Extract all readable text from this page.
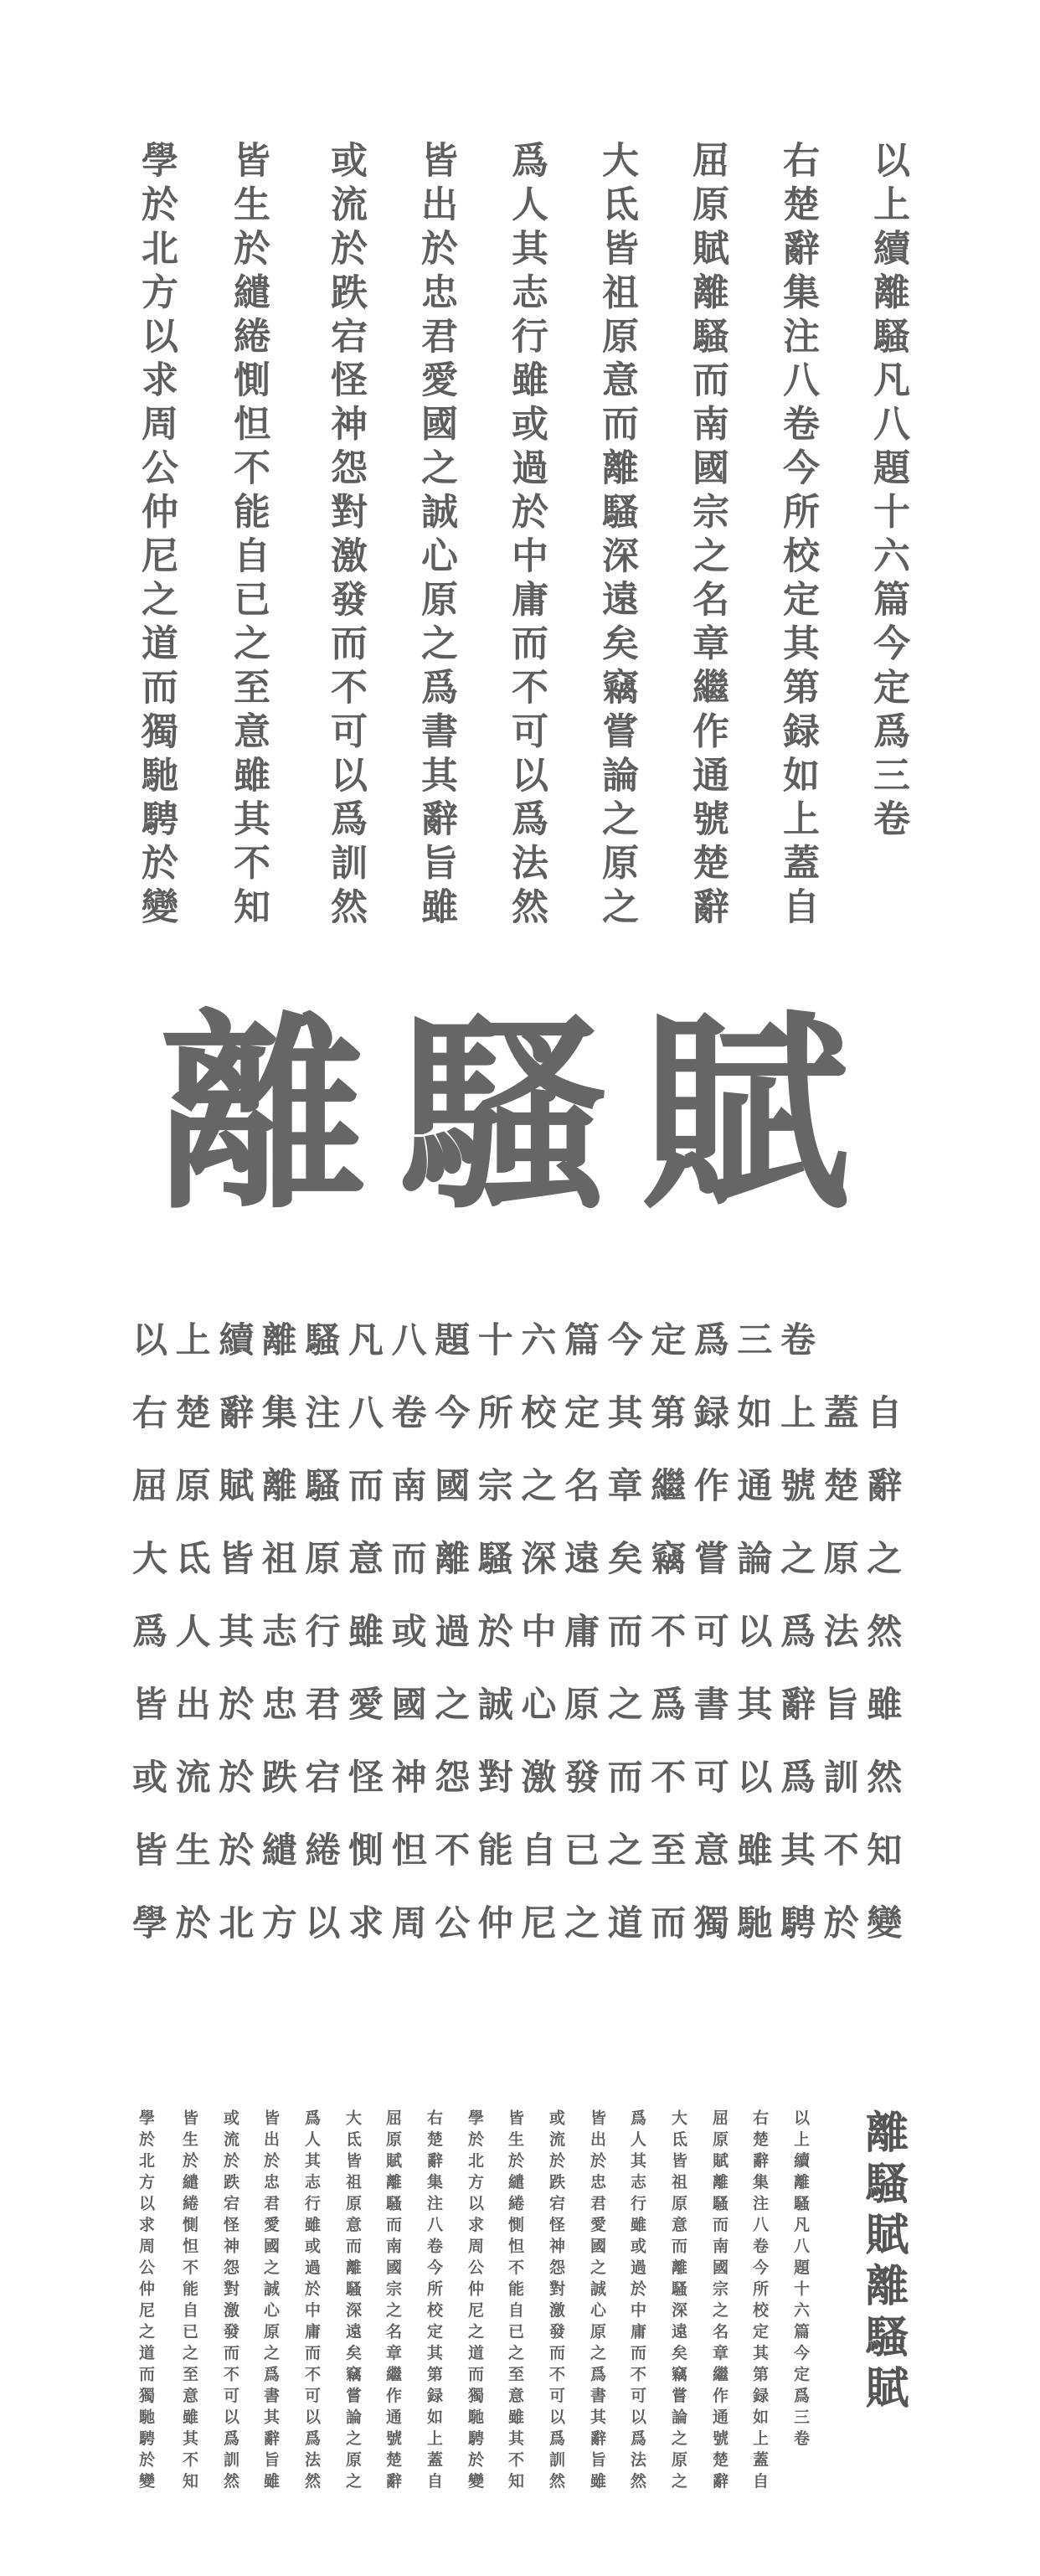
以上續離騷凡八題十六篇今定爲三卷
右楚辭集注八卷今所校定其第録如上蓋自
屈原賦離騷而南國宗之名章繼作通號楚辭
大氐皆祖原意而離騷深遠矣竊嘗論之原之
爲人其志行雖或過於中庸而不可以爲法然
皆出於忠君愛國之誠心原之爲書其辭旨雖
或流於跌宕怪神怨對激發而不可以爲訓然
皆生於繾綣惻怛不能自已之至意雖其不知
學於北方以求周公仲尼之道而獨馳騁於變
離騷賦
以上續離騷凡八題十六篇今定爲三卷
右楚辭集注八卷今所校定其第録如上蓋自
屈原賦離騷而南國宗之名章繼作通號楚辭
大氐皆祖原意而離騷深遠矣竊嘗論之原之
爲人其志行雖或過於中庸而不可以爲法然
皆出於忠君愛國之誠心原之爲書其辭旨雖
或流於跌宕怪神怨對激發而不可以爲訓然
皆生於繾綣惻怛不能自已之至意雖其不知
學於北方以求周公仲尼之道而獨馳騁於變
以上續離騷凡八題十六篇今定爲三卷
右楚辭集注八卷今所校定其第録如上蓋自
屈原賦離騷而南國宗之名章繼作通號楚辭
大氐皆祖原意而離騷深遠矣竊嘗論之原之
爲人其志行雖或過於中庸而不可以爲法然
皆出於忠君愛國之誠心原之爲書其辭旨雖
或流於跌宕怪神怨對激發而不可以爲訓然
皆生於繾綣惻怛不能自已之至意雖其不知
學於北方以求周公仲尼之道而獨馳騁於變
右楚辭集注八卷今所校定其第録如上蓋自
屈原賦離騷而南國宗之名章繼作通號楚辭
大氐皆祖原意而離騷深遠矣竊嘗論之原之
爲人其志行雖或過於中庸而不可以爲法然
皆出於忠君愛國之誠心原之爲書其辭旨雖
或流於跌宕怪神怨對激發而不可以爲訓然
皆生於繾綣惻怛不能自已之至意雖其不知
學於北方以求周公仲尼之道而獨馳騁於變	離騷賦離騷賦
